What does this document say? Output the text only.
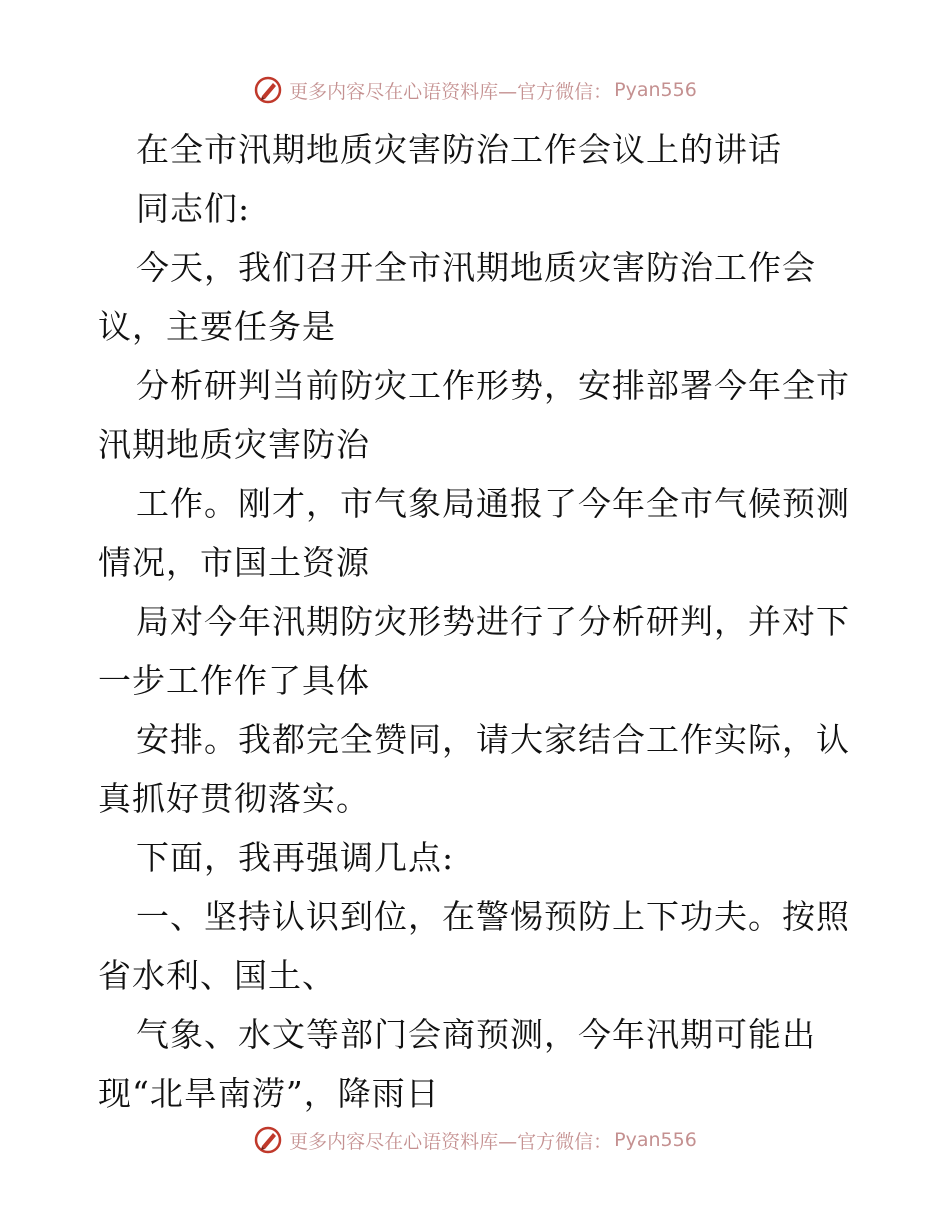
更多内容尽在心语资料库—官方微信： Pyan556
在全市汛期地质灾害防治工作会议上的讲话
同志们:
今天，我们召开全市汛期地质灾害防治工作会
议，主要任务是
分析研判当前防灾工作形势，安排部署今年全市
汛期地质灾害防治
工作。刚才，市气象局通报了今年全市气候预测
情况，市国土资源
局对今年汛期防灾形势进行了分析研判，并对下
一步工作作了具体
安排。我都完全赞同，请大家结合工作实际，认
真抓好贯彻落实。
下面，我再强调几点:
一、坚持认识到位，在警惕预防上下功夫。按照
省水利、国土、
气象、水文等部门会商预测，今年汛期可能出
现“北旱南涝”，降雨日
更多内容尽在心语资料库—官方微信： Pyan556
